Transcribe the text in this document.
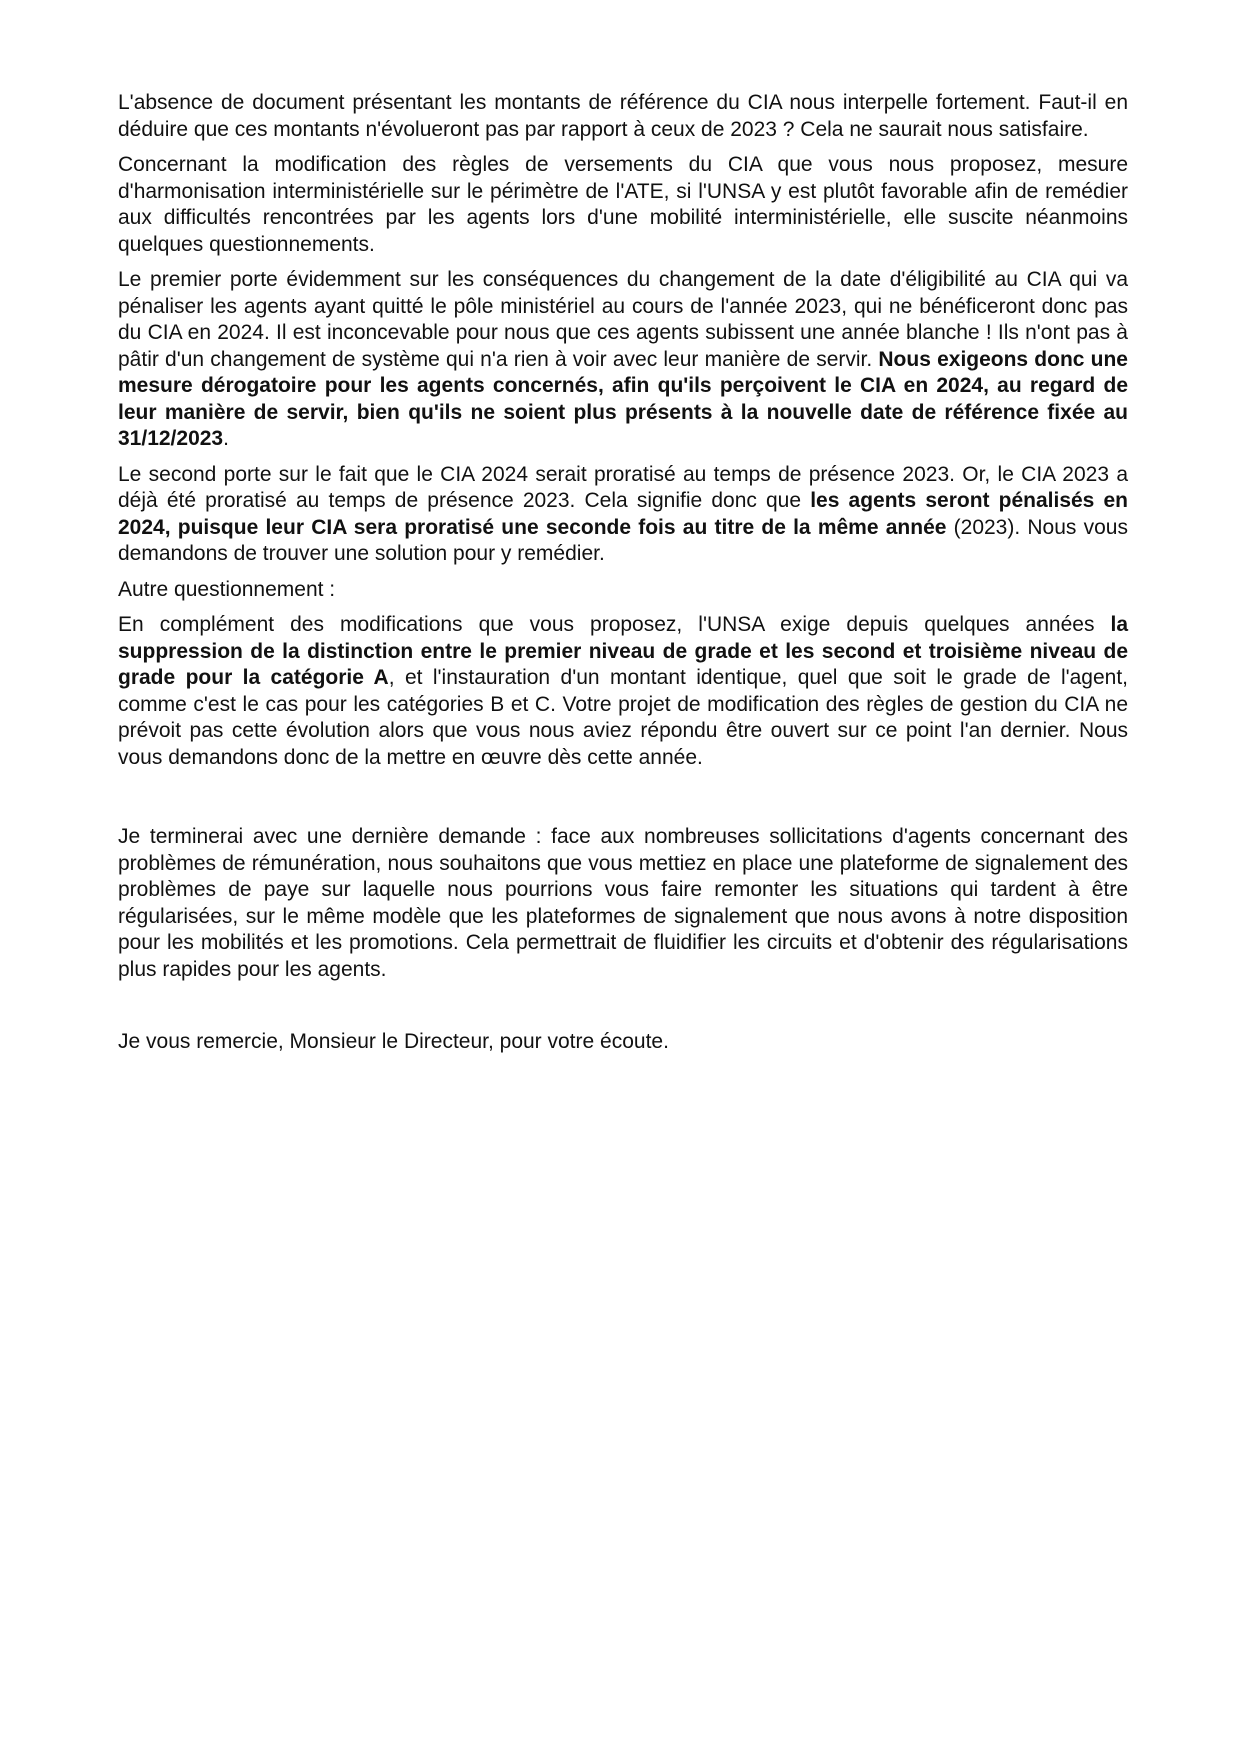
L'absence de document présentant les montants de référence du CIA nous interpelle fortement. Faut-il en déduire que ces montants n'évolueront pas par rapport à ceux de 2023 ? Cela ne saurait nous satisfaire.

Concernant la modification des règles de versements du CIA que vous nous proposez, mesure d'harmonisation interministérielle sur le périmètre de l'ATE, si l'UNSA y est plutôt favorable afin de remédier aux difficultés rencontrées par les agents lors d'une mobilité interministérielle, elle suscite néanmoins quelques questionnements.

Le premier porte évidemment sur les conséquences du changement de la date d'éligibilité au CIA qui va pénaliser les agents ayant quitté le pôle ministériel au cours de l'année 2023, qui ne bénéficeront donc pas du CIA en 2024. Il est inconcevable pour nous que ces agents subissent une année blanche ! Ils n'ont pas à pâtir d'un changement de système qui n'a rien à voir avec leur manière de servir. Nous exigeons donc une mesure dérogatoire pour les agents concernés, afin qu'ils perçoivent le CIA en 2024, au regard de leur manière de servir, bien qu'ils ne soient plus présents à la nouvelle date de référence fixée au 31/12/2023.

Le second porte sur le fait que le CIA 2024 serait proratisé au temps de présence 2023. Or, le CIA 2023 a déjà été proratisé au temps de présence 2023. Cela signifie donc que les agents seront pénalisés en 2024, puisque leur CIA sera proratisé une seconde fois au titre de la même année (2023). Nous vous demandons de trouver une solution pour y remédier.

Autre questionnement :

En complément des modifications que vous proposez, l'UNSA exige depuis quelques années la suppression de la distinction entre le premier niveau de grade et les second et troisième niveau de grade pour la catégorie A, et l'instauration d'un montant identique, quel que soit le grade de l'agent, comme c'est le cas pour les catégories B et C. Votre projet de modification des règles de gestion du CIA ne prévoit pas cette évolution alors que vous nous aviez répondu être ouvert sur ce point l'an dernier. Nous vous demandons donc de la mettre en œuvre dès cette année.

Je terminerai avec une dernière demande : face aux nombreuses sollicitations d'agents concernant des problèmes de rémunération, nous souhaitons que vous mettiez en place une plateforme de signalement des problèmes de paye sur laquelle nous pourrions vous faire remonter les situations qui tardent à être régularisées, sur le même modèle que les plateformes de signalement que nous avons à notre disposition pour les mobilités et les promotions. Cela permettrait de fluidifier les circuits et d'obtenir des régularisations plus rapides pour les agents.

Je vous remercie, Monsieur le Directeur, pour votre écoute.
